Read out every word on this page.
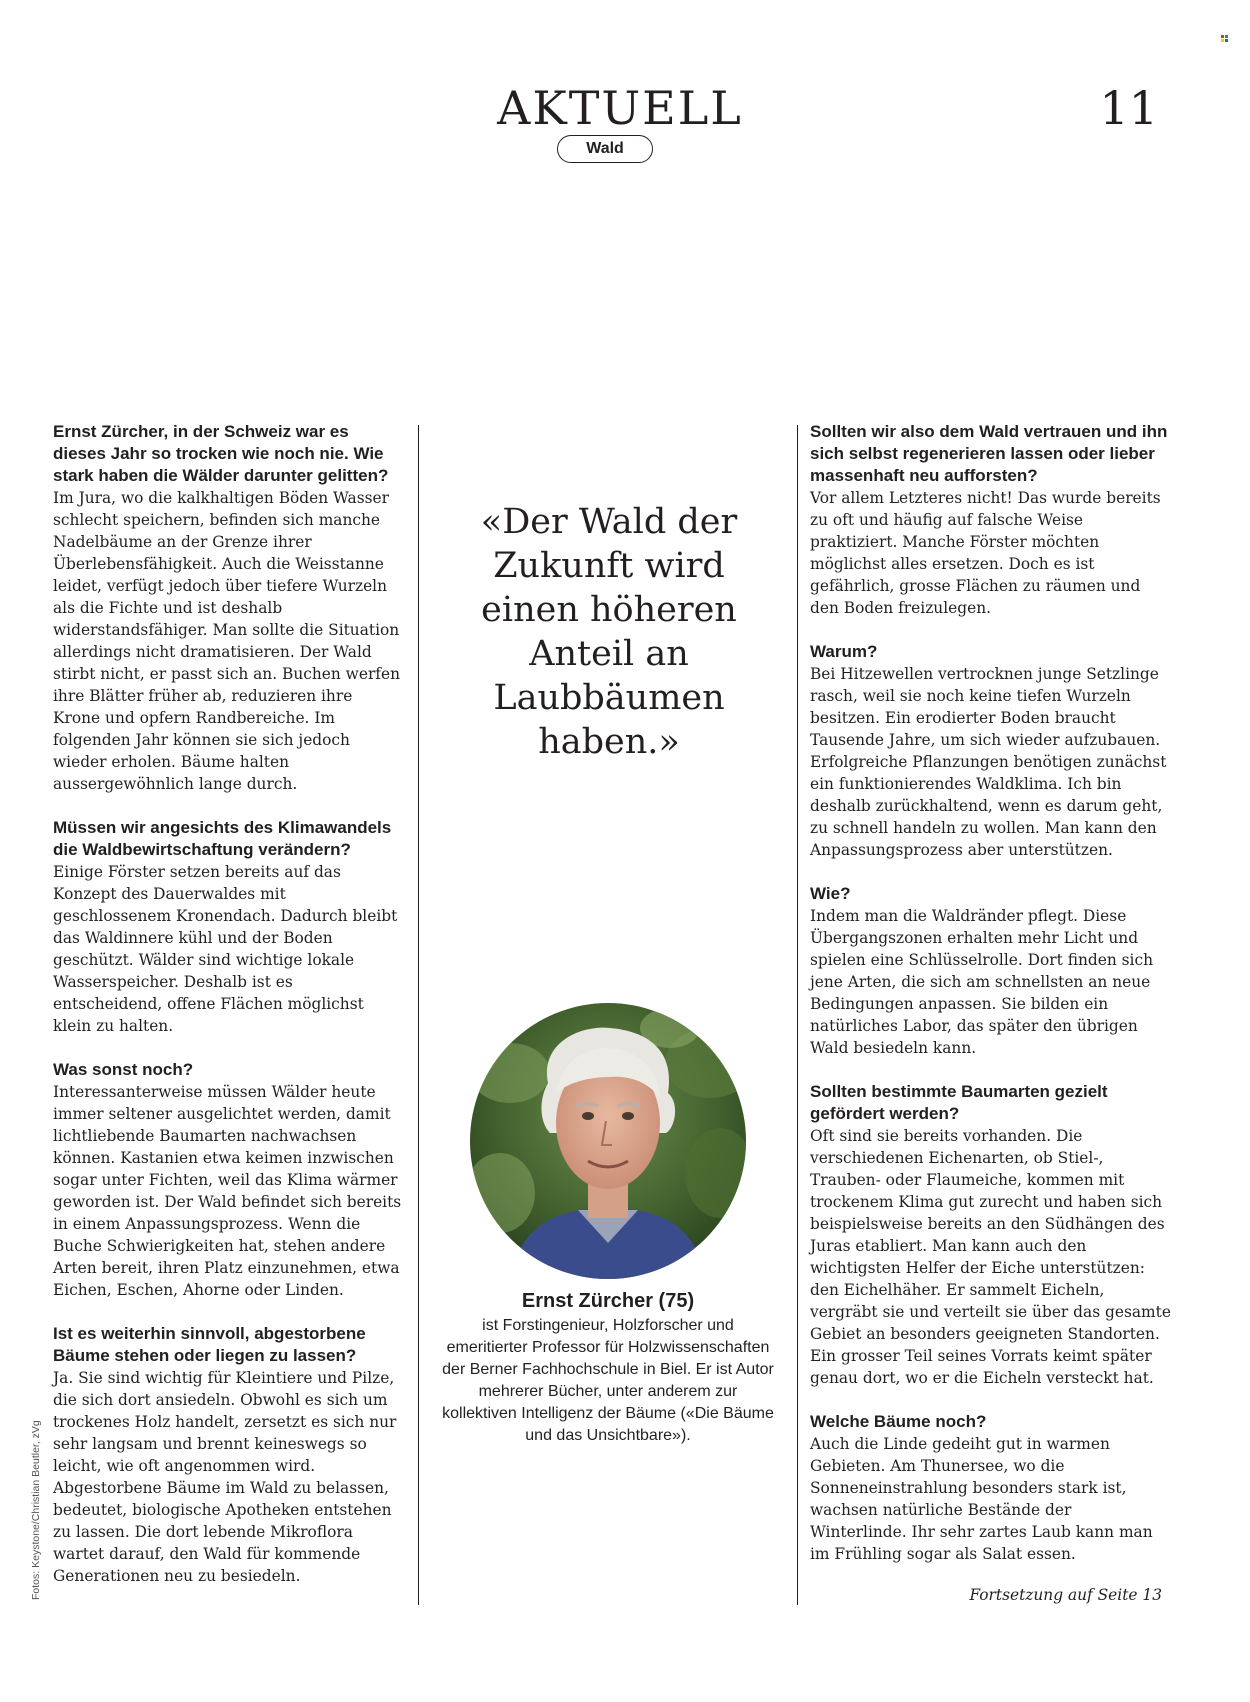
AKTUELL	11
Wald

Ernst Zürcher, in der Schweiz war es dieses Jahr so trocken wie noch nie. Wie stark haben die Wälder darunter gelitten?

Im Jura, wo die kalkhaltigen Böden Wasser schlecht speichern, befinden sich manche Nadelbäume an der Grenze ihrer Überlebensfähigkeit. Auch die Weisstanne leidet, verfügt jedoch über tiefere Wurzeln als die Fichte und ist deshalb widerstandsfähiger. Man sollte die Situation allerdings nicht dramatisieren. Der Wald stirbt nicht, er passt sich an. Buchen werfen ihre Blätter früher ab, reduzieren ihre Krone und opfern Randbereiche. Im folgenden Jahr können sie sich jedoch wieder erholen. Bäume halten aussergewöhnlich lange durch.

Müssen wir angesichts des Klimawandels die Waldbewirtschaftung verändern?

Einige Förster setzen bereits auf das Konzept des Dauerwaldes mit geschlossenem Kronendach. Dadurch bleibt das Waldinnere kühl und der Boden geschützt. Wälder sind wichtige lokale Wasserspeicher. Deshalb ist es entscheidend, offene Flächen möglichst klein zu halten.

Was sonst noch?

Interessanterweise müssen Wälder heute immer seltener ausgelichtet werden, damit lichtliebende Baumarten nachwachsen können. Kastanien etwa keimen inzwischen sogar unter Fichten, weil das Klima wärmer geworden ist. Der Wald befindet sich bereits in einem Anpassungsprozess. Wenn die Buche Schwierigkeiten hat, stehen andere Arten bereit, ihren Platz einzunehmen, etwa Eichen, Eschen, Ahorne oder Linden.

Ist es weiterhin sinnvoll, abgestorbene Bäume stehen oder liegen zu lassen?

Ja. Sie sind wichtig für Kleintiere und Pilze, die sich dort ansiedeln. Obwohl es sich um trockenes Holz handelt, zersetzt es sich nur sehr langsam und brennt keineswegs so leicht, wie oft angenommen wird. Abgestorbene Bäume im Wald zu belassen, bedeutet, biologische Apotheken entstehen zu lassen. Die dort lebende Mikroflora wartet darauf, den Wald für kommende Generationen neu zu besiedeln.

«Der Wald der Zukunft wird einen höheren Anteil an Laubbäumen haben.»

Ernst Zürcher (75)

ist Forstingenieur, Holzforscher und emeritierter Professor für Holzwissenschaften der Berner Fachhochschule in Biel. Er ist Autor mehrerer Bücher, unter anderem zur kollektiven Intelligenz der Bäume («Die Bäume und das Unsichtbare»).

Sollten wir also dem Wald vertrauen und ihn sich selbst regenerieren lassen oder lieber massenhaft neu aufforsten?

Vor allem Letzteres nicht! Das wurde bereits zu oft und häufig auf falsche Weise praktiziert. Manche Förster möchten möglichst alles ersetzen. Doch es ist gefährlich, grosse Flächen zu räumen und den Boden freizulegen.

Warum?

Bei Hitzewellen vertrocknen junge Setzlinge rasch, weil sie noch keine tiefen Wurzeln besitzen. Ein erodierter Boden braucht Tausende Jahre, um sich wieder aufzubauen. Erfolgreiche Pflanzungen benötigen zunächst ein funktionierendes Waldklima. Ich bin deshalb zurückhaltend, wenn es darum geht, zu schnell handeln zu wollen. Man kann den Anpassungsprozess aber unterstützen.

Wie?

Indem man die Waldränder pflegt. Diese Übergangszonen erhalten mehr Licht und spielen eine Schlüsselrolle. Dort finden sich jene Arten, die sich am schnellsten an neue Bedingungen anpassen. Sie bilden ein natürliches Labor, das später den übrigen Wald besiedeln kann.

Sollten bestimmte Baumarten gezielt gefördert werden?

Oft sind sie bereits vorhanden. Die verschiedenen Eichenarten, ob Stiel-, Trauben- oder Flaumeiche, kommen mit trockenem Klima gut zurecht und haben sich beispielsweise bereits an den Südhängen des Juras etabliert. Man kann auch den wichtigsten Helfer der Eiche unterstützen: den Eichelhäher. Er sammelt Eicheln, vergräbt sie und verteilt sie über das gesamte Gebiet an besonders geeigneten Standorten. Ein grosser Teil seines Vorrats keimt später genau dort, wo er die Eicheln versteckt hat.

Welche Bäume noch?

Auch die Linde gedeiht gut in warmen Gebieten. Am Thunersee, wo die Sonneneinstrahlung besonders stark ist, wachsen natürliche Bestände der Winterlinde. Ihr sehr zartes Laub kann man im Frühling sogar als Salat essen.

Fotos: Keystone/Christian Beutler, zVg	Fortsetzung auf Seite 13
